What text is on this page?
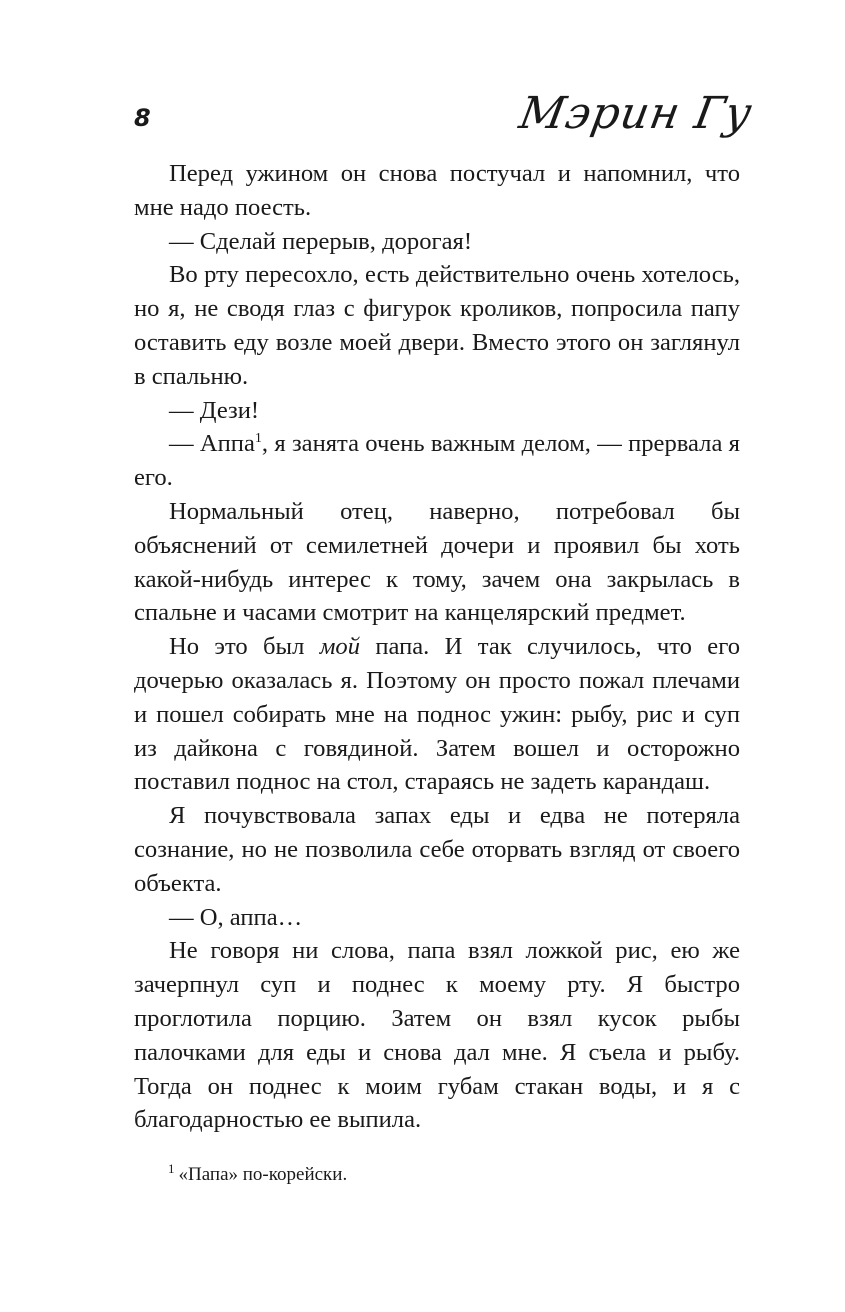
8	Мэрин Гу

Перед ужином он снова постучал и напомнил, что мне надо поесть.

— Сделай перерыв, дорогая!

Во рту пересохло, есть действительно очень хотелось, но я, не сводя глаз с фигурок кроликов, попросила папу оставить еду возле моей двери. Вместо этого он заглянул в спальню.

— Дези!

— Аппа$^1$, я занята очень важным делом, — прервала я его.

Нормальный отец, наверно, потребовал бы объяснений от семилетней дочери и проявил бы хоть какой-нибудь интерес к тому, зачем она закрылась в спальне и часами смотрит на канцелярский предмет.

Но это был мой папа. И так случилось, что его дочерью оказалась я. Поэтому он просто пожал плечами и пошел собирать мне на поднос ужин: рыбу, рис и суп из дайкона с говядиной. Затем вошел и осторожно поставил поднос на стол, стараясь не задеть карандаш.

Я почувствовала запах еды и едва не потеряла сознание, но не позволила себе оторвать взгляд от своего объекта.

— О, аппа…

Не говоря ни слова, папа взял ложкой рис, ею же зачерпнул суп и поднес к моему рту. Я быстро проглотила порцию. Затем он взял кусок рыбы палочками для еды и снова дал мне. Я съела и рыбу. Тогда он поднес к моим губам стакан воды, и я с благодарностью ее выпила.

$^1$ «Папа» по-корейски.
